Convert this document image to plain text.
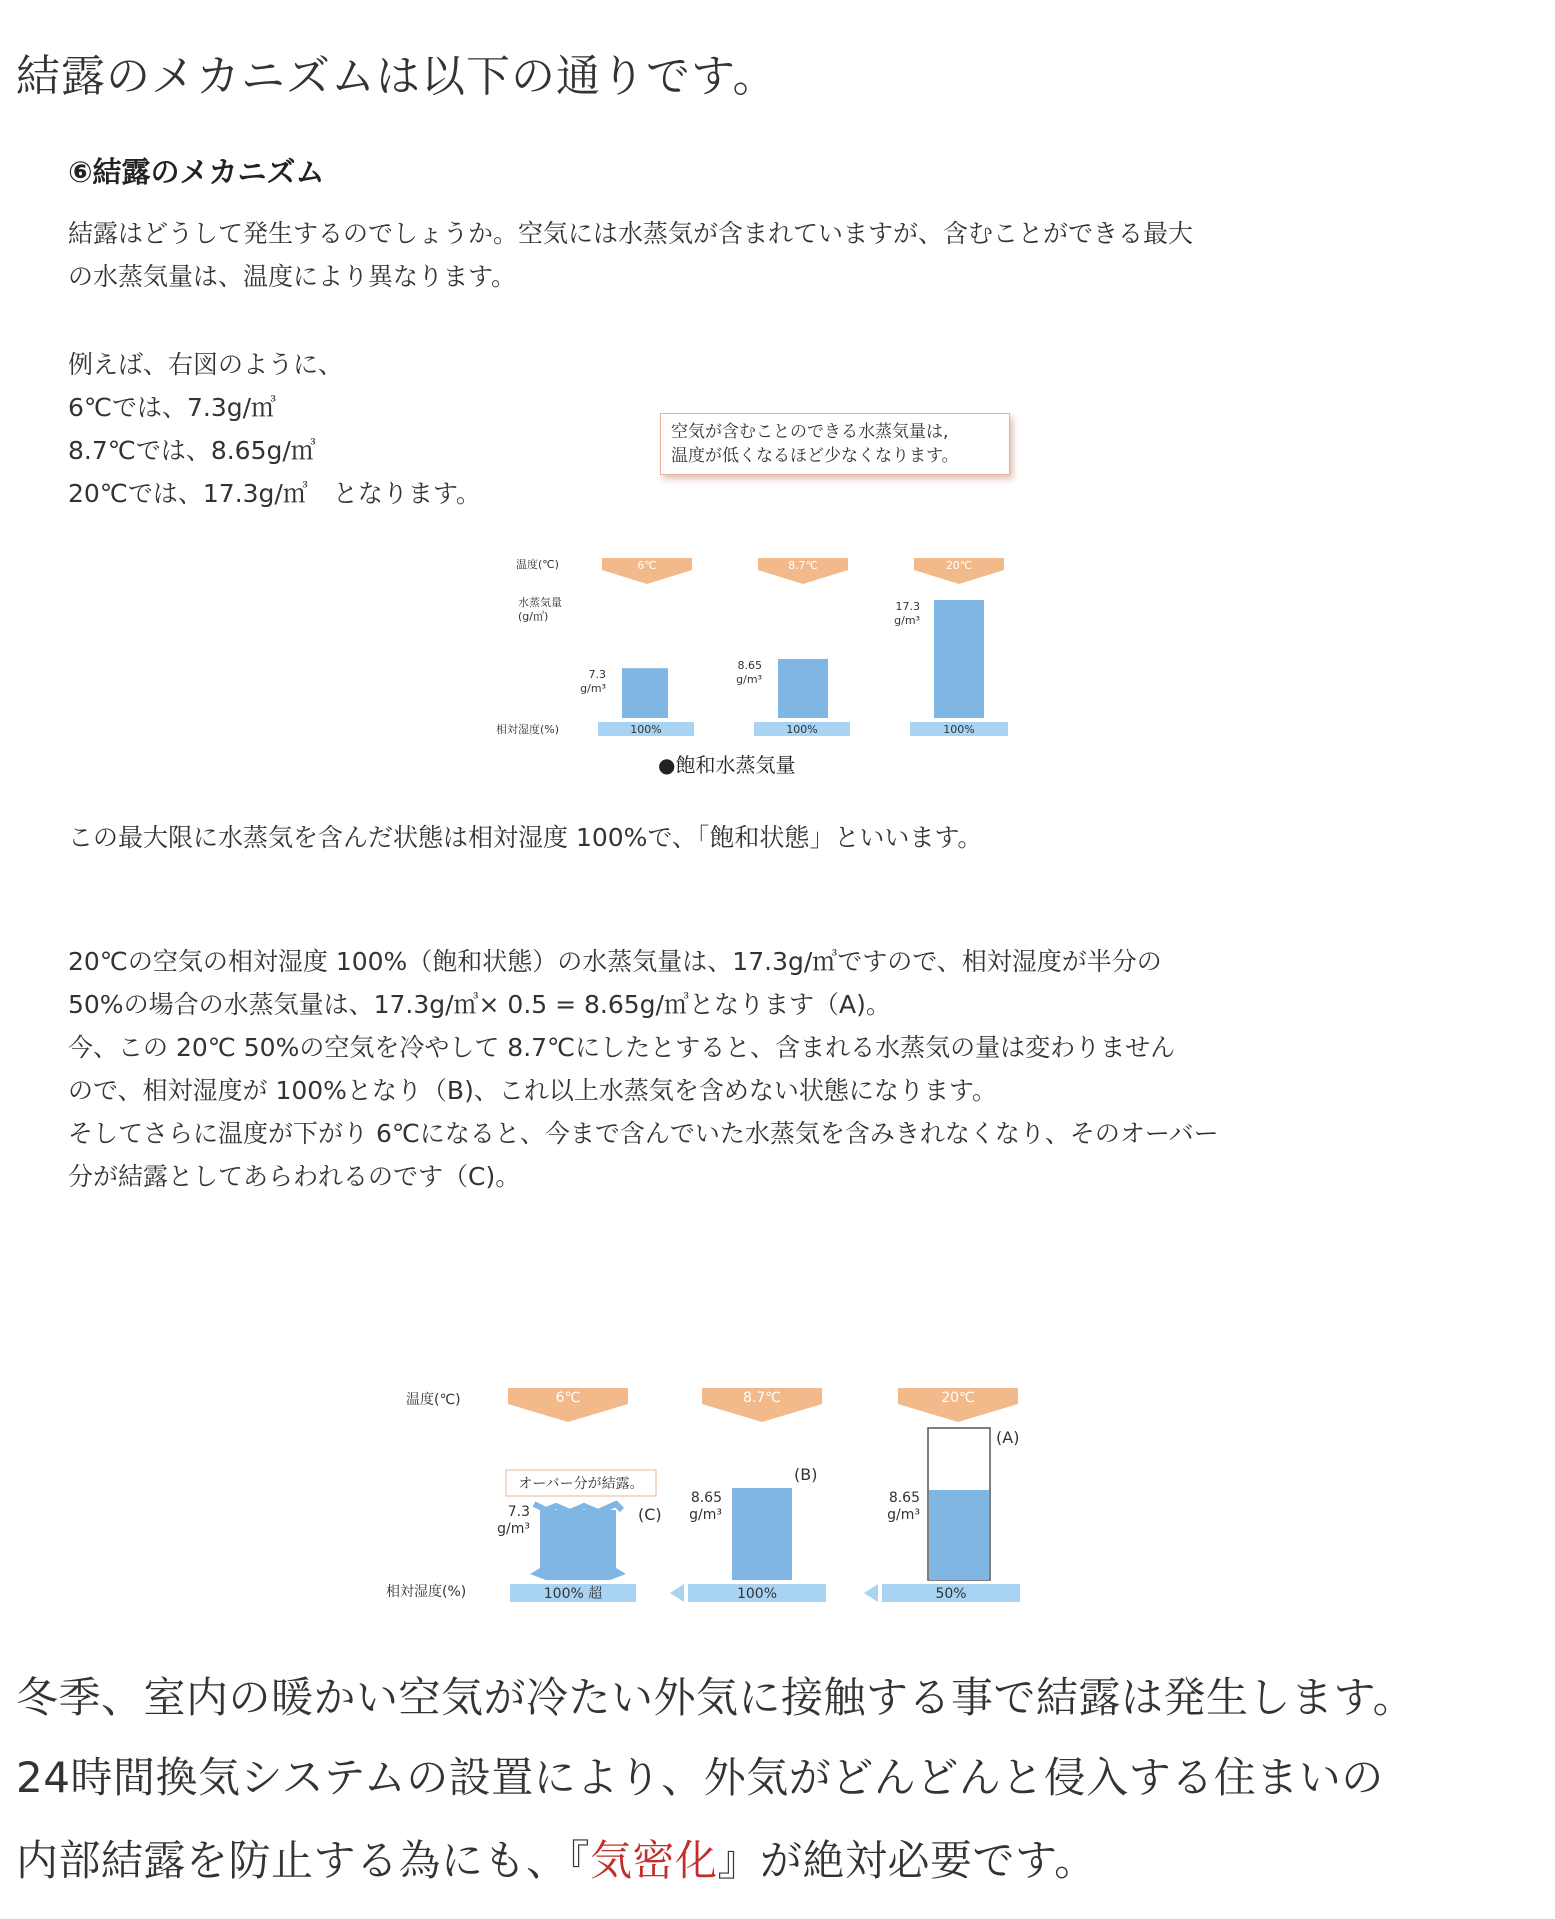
結露のメカニズムは以下の通りです。
⑥結露のメカニズム
結露はどうして発生するのでしょうか。空気には水蒸気が含まれていますが、含むことができる最大
の水蒸気量は、温度により異なります。
例えば、右図のように、
6℃では、7.3g/㎥
8.7℃では、8.65g/㎥
20℃では、17.3g/㎥　となります。
空気が含むことのできる水蒸気量は,
温度が低くなるほど少なくなります。
温度(℃)
水蒸気量
(g/㎥)
相対湿度(%)
6℃
7.3
g/m³
100%
8.7℃
8.65
g/m³
100%
20℃
17.3
g/m³
100%
●飽和水蒸気量
この最大限に水蒸気を含んだ状態は相対湿度 100%で、「飽和状態」といいます。
20℃の空気の相対湿度 100%（飽和状態）の水蒸気量は、17.3g/㎥ですので、相対湿度が半分の
50%の場合の水蒸気量は、17.3g/㎥× 0.5 = 8.65g/㎥となります（A)。
今、この 20℃ 50%の空気を冷やして 8.7℃にしたとすると、含まれる水蒸気の量は変わりません
ので、相対湿度が 100%となり（B)、これ以上水蒸気を含めない状態になります。
そしてさらに温度が下がり 6℃になると、今まで含んでいた水蒸気を含みきれなくなり、そのオーバー
分が結露としてあらわれるのです（C)。
温度(℃)
相対湿度(%)
6℃
オーバー分が結露。
(C)
7.3
g/m³
100% 超
8.7℃
(B)
8.65
g/m³
100%
20℃
(A)
8.65
g/m³
50%
冬季、室内の暖かい空気が冷たい外気に接触する事で結露は発生します。
24時間換気システムの設置により、外気がどんどんと侵入する住まいの
内部結露を防止する為にも、『気密化』が絶対必要です。
